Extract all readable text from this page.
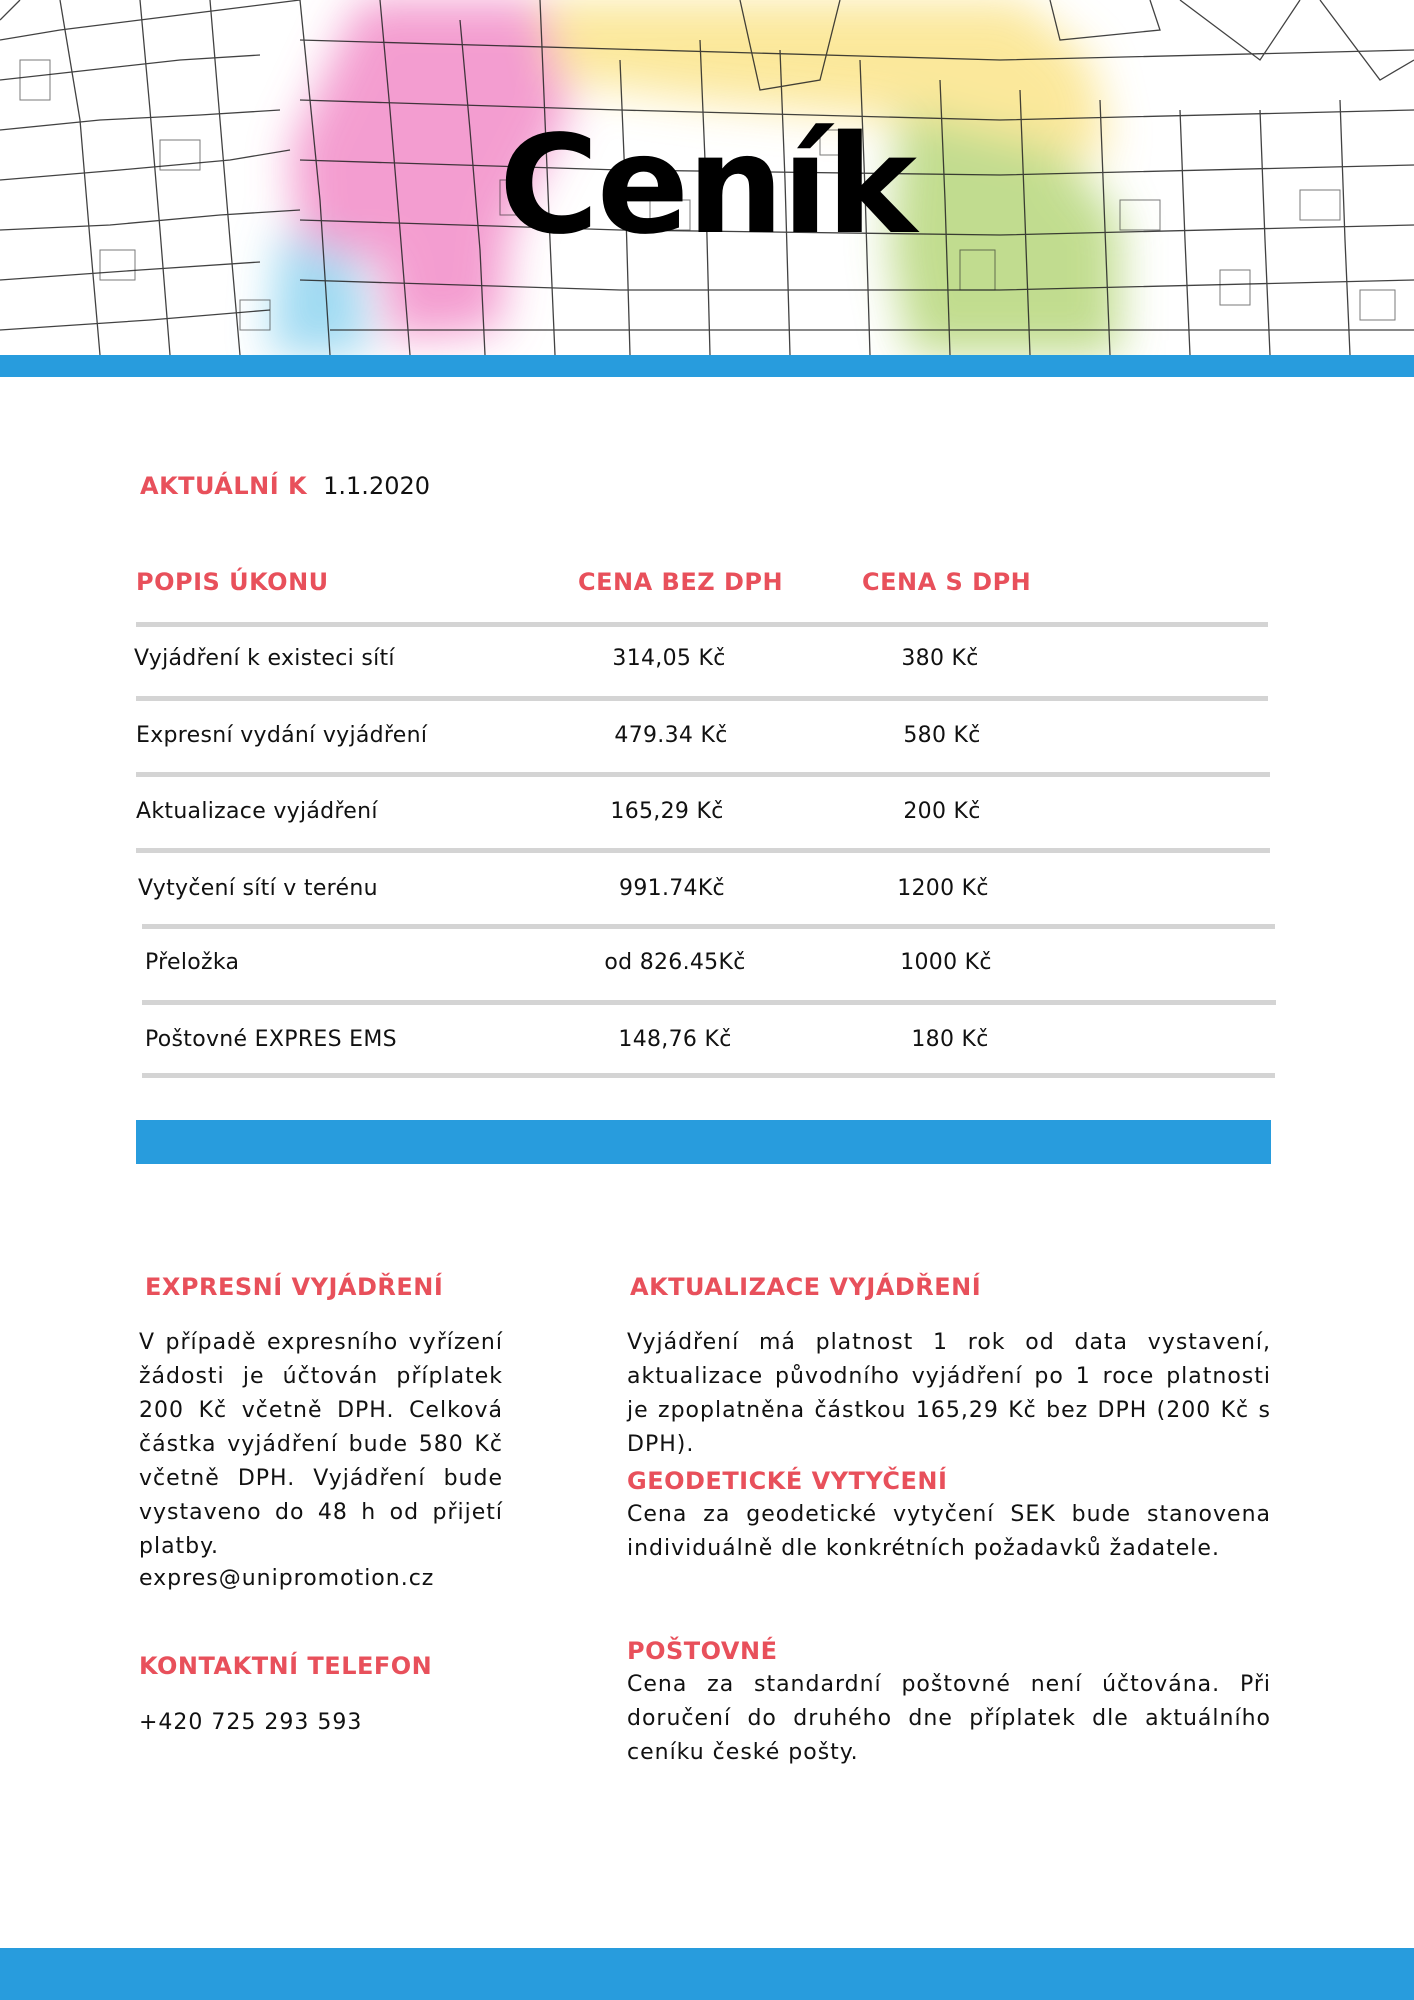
Ceník
AKTUÁLNÍ K 1.1.2020
POPIS ÚKONU	CENA BEZ DPH	CENA S DPH
Vyjádření k existeci sítí	314,05 Kč	380 Kč
Expresní vydání vyjádření	479.34 Kč	580 Kč
Aktualizace vyjádření	165,29 Kč	200 Kč
Vytyčení sítí v terénu	991.74Kč	1200 Kč
Přeložka	od 826.45Kč	1000 Kč
Poštovné EXPRES EMS	148,76 Kč	180 Kč
EXPRESNÍ VYJÁDŘENÍ

V případě expresního vyřízení žádosti je účtován příplatek 200 Kč včetně DPH. Celková částka vyjádření bude 580 Kč včetně DPH. Vyjádření bude vystaveno do 48 h od přijetí platby.

expres@unipromotion.cz
KONTAKTNÍ TELEFON
+420 725 293 593
AKTUALIZACE VYJÁDŘENÍ

Vyjádření má platnost 1 rok od data vystavení, aktualizace původního vyjádření po 1 roce platnosti je zpoplatněna částkou 165,29 Kč bez DPH (200 Kč s DPH).

GEODETICKÉ VYTYČENÍ

Cena za geodetické vytyčení SEK bude stanovena individuálně dle konkrétních požadavků žadatele.

POŠTOVNÉ

Cena za standardní poštovné není účtována. Při doručení do druhého dne příplatek dle aktuálního ceníku české pošty.
